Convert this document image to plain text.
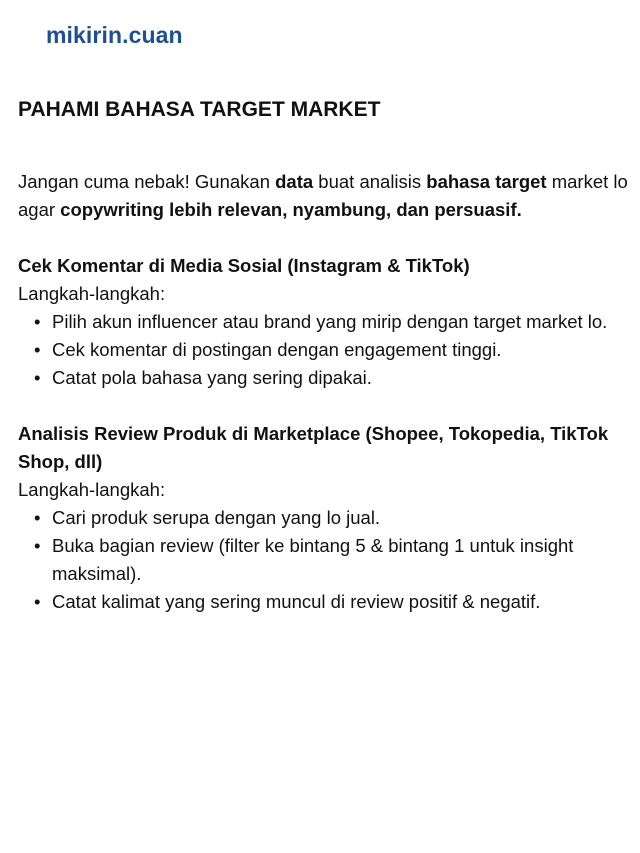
mikirin.cuan
PAHAMI BAHASA TARGET MARKET

Jangan cuma nebak! Gunakan data buat analisis bahasa target market lo agar copywriting lebih relevan, nyambung, dan persuasif.

Cek Komentar di Media Sosial (Instagram & TikTok)

Langkah-langkah:

• Pilih akun influencer atau brand yang mirip dengan target market lo.
• Cek komentar di postingan dengan engagement tinggi.
• Catat pola bahasa yang sering dipakai.

Analisis Review Produk di Marketplace (Shopee, Tokopedia, TikTok Shop, dll)

Langkah-langkah:

• Cari produk serupa dengan yang lo jual.
• Buka bagian review (filter ke bintang 5 & bintang 1 untuk insight maksimal).
• Catat kalimat yang sering muncul di review positif & negatif.
